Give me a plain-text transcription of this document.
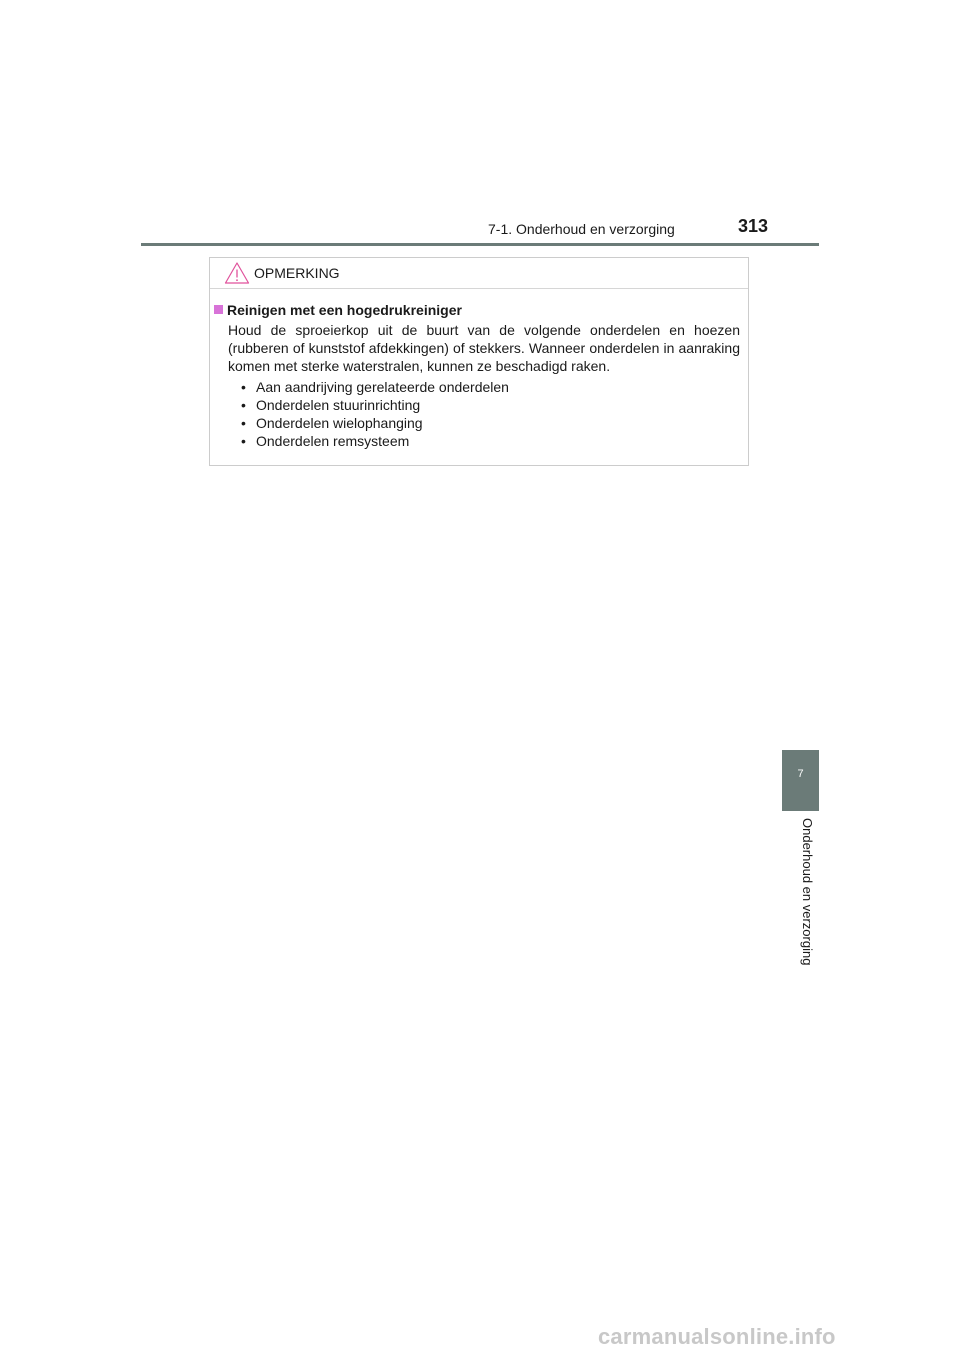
7-1. Onderhoud en verzorging	313
OPMERKING
Reinigen met een hogedrukreiniger

Houd de sproeierkop uit de buurt van de volgende onderdelen en hoezen (rubberen of kunststof afdekkingen) of stekkers. Wanneer onderdelen in aanraking komen met sterke waterstralen, kunnen ze beschadigd raken.

• Aan aandrijving gerelateerde onderdelen
• Onderdelen stuurinrichting
• Onderdelen wielophanging
• Onderdelen remsysteem
7
Onderhoud en verzorging
carmanualsonline.info
